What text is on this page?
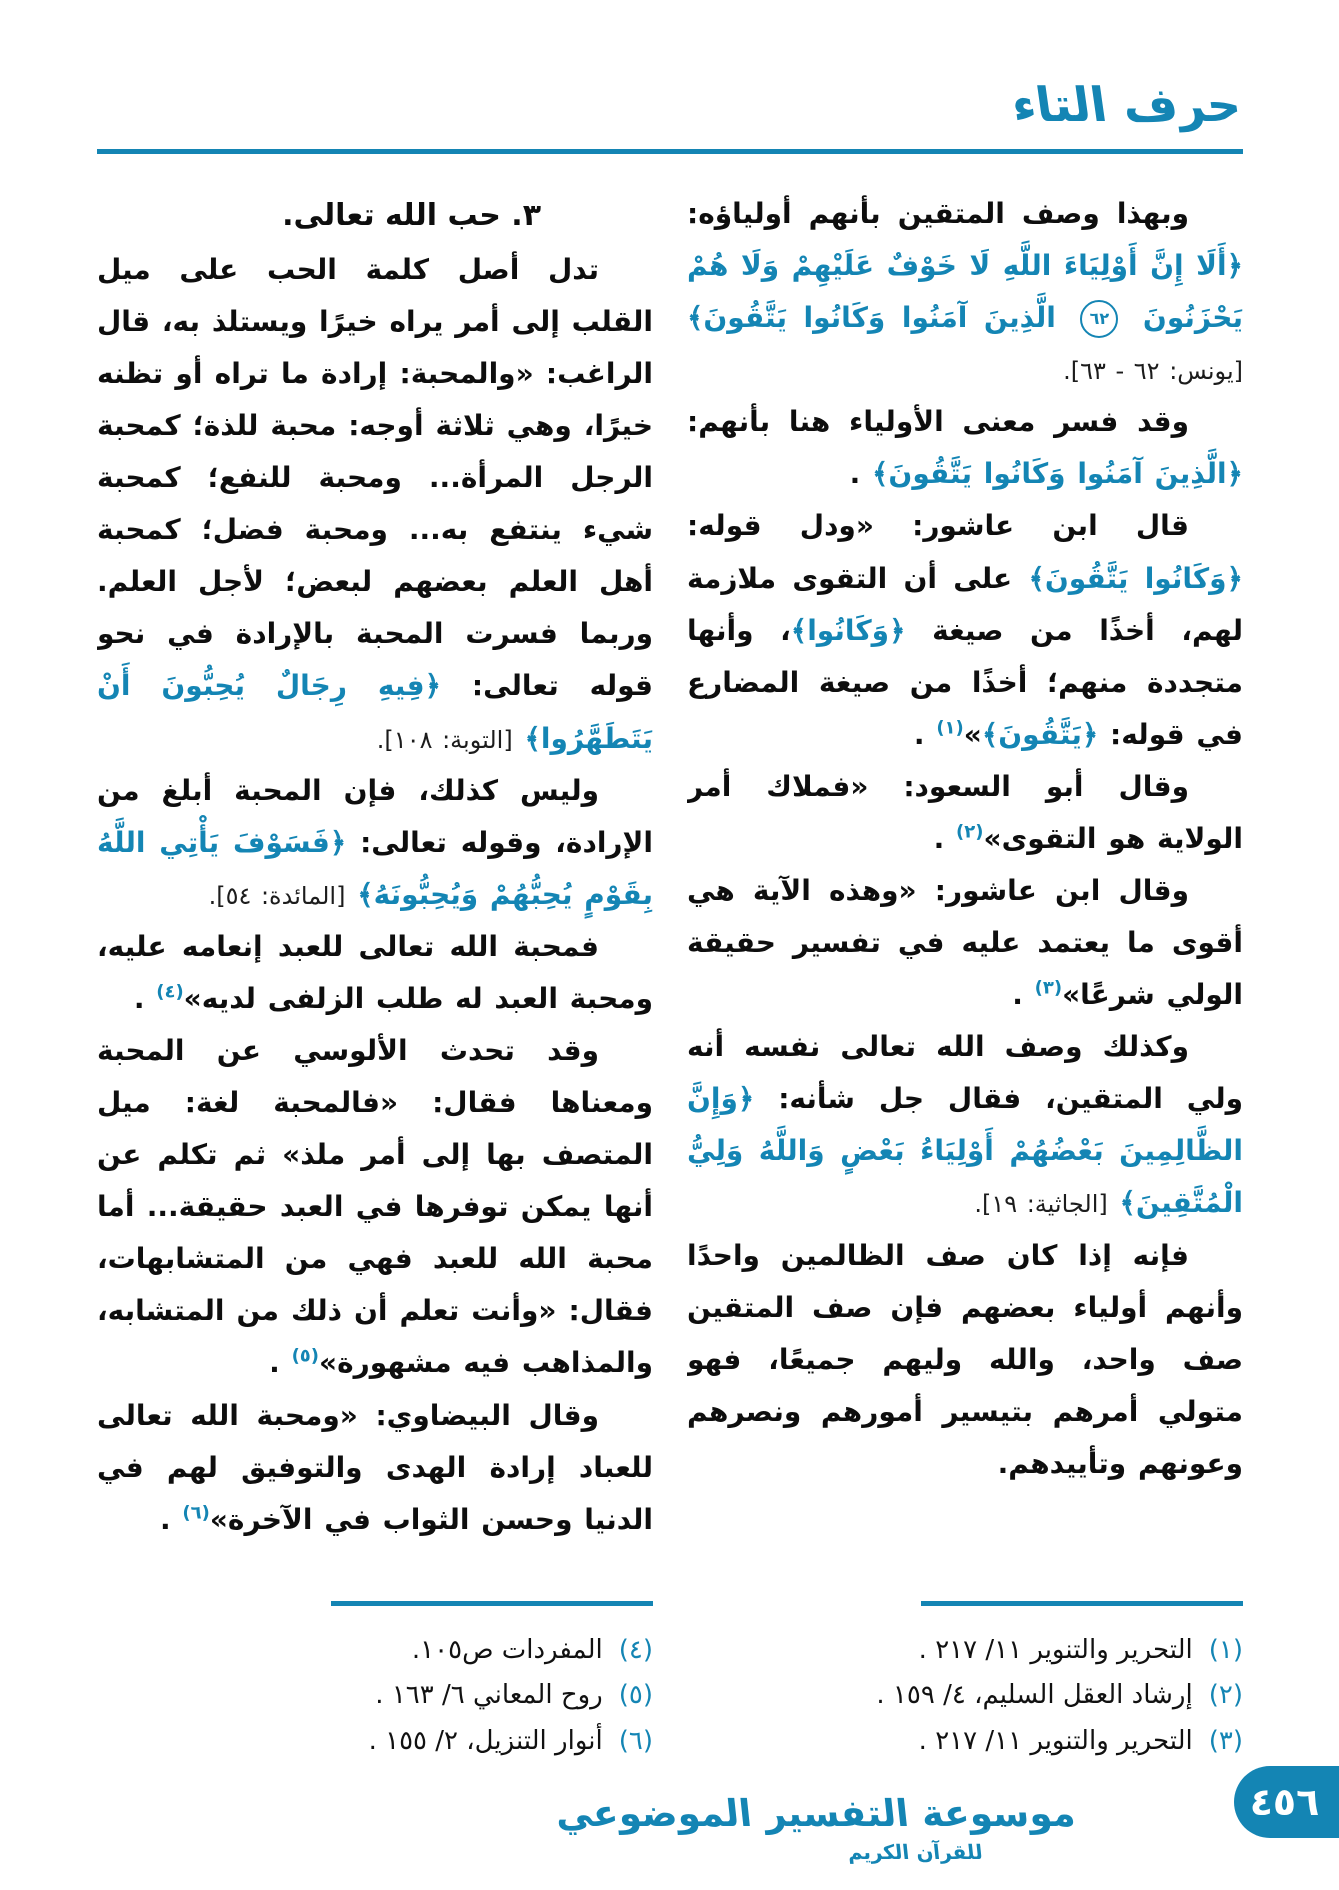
حرف التاء

وبهذا وصف المتقين بأنهم أولياؤه: ﴿أَلَا إِنَّ أَوْلِيَاءَ اللَّهِ لَا خَوْفٌ عَلَيْهِمْ وَلَا هُمْ يَحْزَنُونَ ٦٢ الَّذِينَ آمَنُوا وَكَانُوا يَتَّقُونَ﴾ [يونس: ٦٢ - ٦٣].

وقد فسر معنى الأولياء هنا بأنهم: ﴿الَّذِينَ آمَنُوا وَكَانُوا يَتَّقُونَ﴾ .

قال ابن عاشور: «ودل قوله: ﴿وَكَانُوا يَتَّقُونَ﴾ على أن التقوى ملازمة لهم، أخذًا من صيغة ﴿وَكَانُوا﴾، وأنها متجددة منهم؛ أخذًا من صيغة المضارع في قوله: ﴿يَتَّقُونَ﴾»$^{(١)}$ .

وقال أبو السعود: «فملاك أمر الولاية هو التقوى»$^{(٢)}$ .

وقال ابن عاشور: «وهذه الآية هي أقوى ما يعتمد عليه في تفسير حقيقة الولي شرعًا»$^{(٣)}$ .

وكذلك وصف الله تعالى نفسه أنه ولي المتقين، فقال جل شأنه: ﴿وَإِنَّ الظَّالِمِينَ بَعْضُهُمْ أَوْلِيَاءُ بَعْضٍ وَاللَّهُ وَلِيُّ الْمُتَّقِينَ﴾ [الجاثية: ١٩].

فإنه إذا كان صف الظالمين واحدًا وأنهم أولياء بعضهم فإن صف المتقين صف واحد، والله وليهم جميعًا، فهو متولي أمرهم بتيسير أمورهم ونصرهم وعونهم وتأييدهم.

(١)
التحرير والتنوير ١١/ ٢١٧ .
(٢)
إرشاد العقل السليم، ٤/ ١٥٩ .
(٣)
التحرير والتنوير ١١/ ٢١٧ .
٣. حب الله تعالى.

تدل أصل كلمة الحب على ميل القلب إلى أمر يراه خيرًا ويستلذ به، قال الراغب: «والمحبة: إرادة ما تراه أو تظنه خيرًا، وهي ثلاثة أوجه: محبة للذة؛ كمحبة الرجل المرأة... ومحبة للنفع؛ كمحبة شيء ينتفع به... ومحبة فضل؛ كمحبة أهل العلم بعضهم لبعض؛ لأجل العلم. وربما فسرت المحبة بالإرادة في نحو قوله تعالى: ﴿فِيهِ رِجَالٌ يُحِبُّونَ أَنْ يَتَطَهَّرُوا﴾ [التوبة: ١٠٨].

وليس كذلك، فإن المحبة أبلغ من الإرادة، وقوله تعالى: ﴿فَسَوْفَ يَأْتِي اللَّهُ بِقَوْمٍ يُحِبُّهُمْ وَيُحِبُّونَهُ﴾ [المائدة: ٥٤].

فمحبة الله تعالى للعبد إنعامه عليه، ومحبة العبد له طلب الزلفى لديه»$^{(٤)}$ .

وقد تحدث الألوسي عن المحبة ومعناها فقال: «فالمحبة لغة: ميل المتصف بها إلى أمر ملذ» ثم تكلم عن أنها يمكن توفرها في العبد حقيقة... أما محبة الله للعبد فهي من المتشابهات، فقال: «وأنت تعلم أن ذلك من المتشابه، والمذاهب فيه مشهورة»$^{(٥)}$ .

وقال البيضاوي: «ومحبة الله تعالى للعباد إرادة الهدى والتوفيق لهم في الدنيا وحسن الثواب في الآخرة»$^{(٦)}$ .

(٤)
المفردات ص١٠٥.
(٥)
روح المعاني ٦/ ١٦٣ .
(٦)
أنوار التنزيل، ٢/ ١٥٥ .
موسوعة التفسير الموضوعي
للقرآن الكريم
٤٥٦
